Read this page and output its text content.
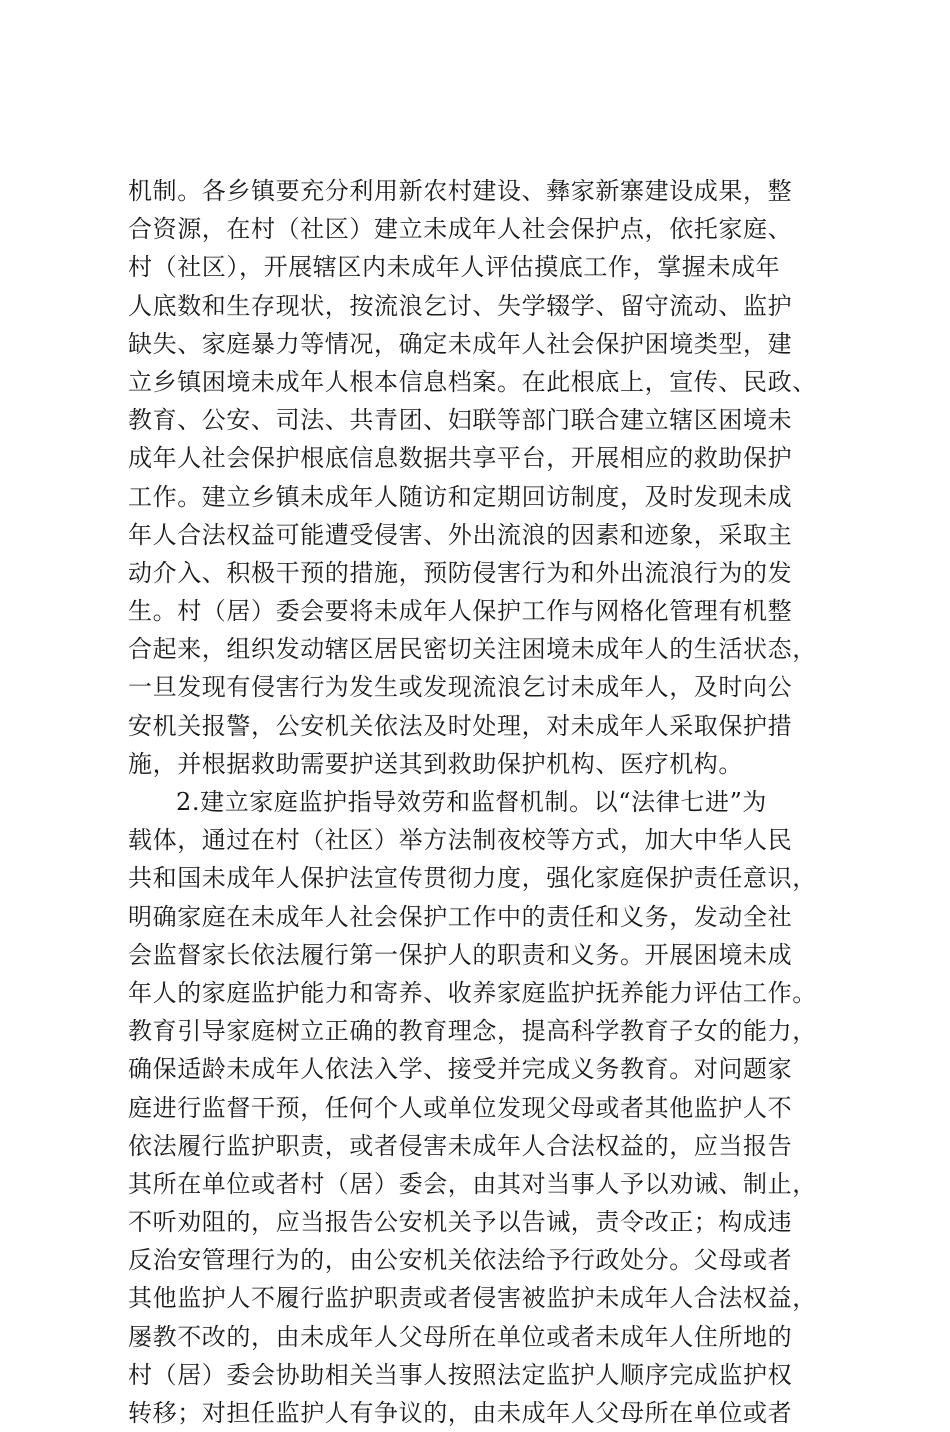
机制。各乡镇要充分利用新农村建设、彝家新寨建设成果，整
合资源，在村（社区）建立未成年人社会保护点，依托家庭、
村（社区），开展辖区内未成年人评估摸底工作，掌握未成年
人底数和生存现状，按流浪乞讨、失学辍学、留守流动、监护
缺失、家庭暴力等情况，确定未成年人社会保护困境类型，建
立乡镇困境未成年人根本信息档案。在此根底上，宣传、民政、
教育、公安、司法、共青团、妇联等部门联合建立辖区困境未
成年人社会保护根底信息数据共享平台，开展相应的救助保护
工作。建立乡镇未成年人随访和定期回访制度，及时发现未成
年人合法权益可能遭受侵害、外出流浪的因素和迹象，采取主
动介入、积极干预的措施，预防侵害行为和外出流浪行为的发
生。村（居）委会要将未成年人保护工作与网格化管理有机整
合起来，组织发动辖区居民密切关注困境未成年人的生活状态，
一旦发现有侵害行为发生或发现流浪乞讨未成年人，及时向公
安机关报警，公安机关依法及时处理，对未成年人采取保护措
施，并根据救助需要护送其到救助保护机构、医疗机构。
2.建立家庭监护指导效劳和监督机制。以“法律七进”为
载体，通过在村（社区）举方法制夜校等方式，加大中华人民
共和国未成年人保护法宣传贯彻力度，强化家庭保护责任意识，
明确家庭在未成年人社会保护工作中的责任和义务，发动全社
会监督家长依法履行第一保护人的职责和义务。开展困境未成
年人的家庭监护能力和寄养、收养家庭监护抚养能力评估工作。
教育引导家庭树立正确的教育理念，提高科学教育子女的能力，
确保适龄未成年人依法入学、接受并完成义务教育。对问题家
庭进行监督干预，任何个人或单位发现父母或者其他监护人不
依法履行监护职责，或者侵害未成年人合法权益的，应当报告
其所在单位或者村（居）委会，由其对当事人予以劝诫、制止，
不听劝阻的，应当报告公安机关予以告诫，责令改正；构成违
反治安管理行为的，由公安机关依法给予行政处分。父母或者
其他监护人不履行监护职责或者侵害被监护未成年人合法权益，
屡教不改的，由未成年人父母所在单位或者未成年人住所地的
村（居）委会协助相关当事人按照法定监护人顺序完成监护权
转移；对担任监护人有争议的，由未成年人父母所在单位或者
